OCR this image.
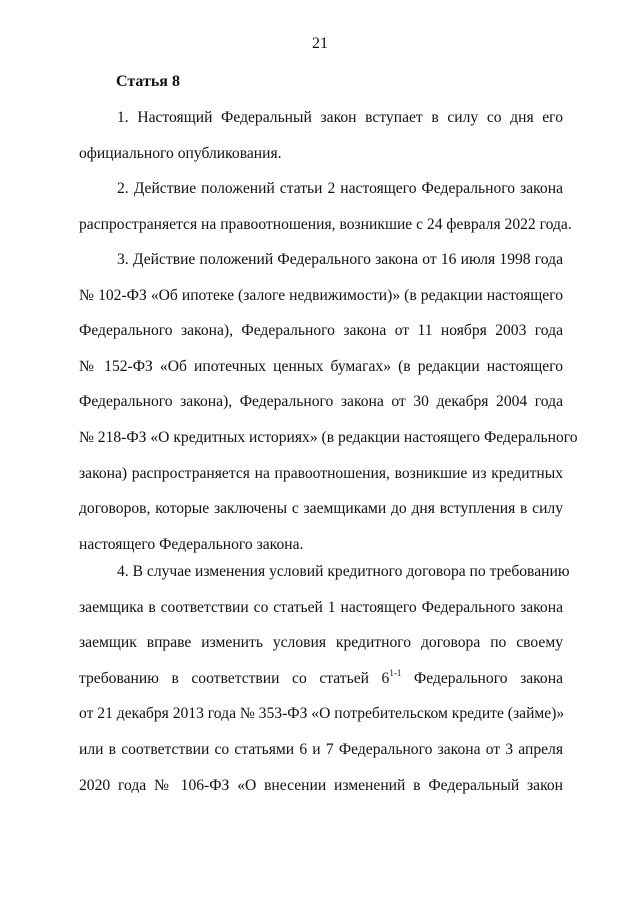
21
Статья 8
1. Настоящий Федеральный закон вступает в силу со дня его
официального опубликования.
2. Действие положений статьи 2 настоящего Федерального закона
распространяется на правоотношения, возникшие с 24 февраля 2022 года.
3. Действие положений Федерального закона от 16 июля 1998 года
№ 102-ФЗ «Об ипотеке (залоге недвижимости)» (в редакции настоящего
Федерального закона), Федерального закона от 11 ноября 2003 года
№ 152-ФЗ «Об ипотечных ценных бумагах» (в редакции настоящего
Федерального закона), Федерального закона от 30 декабря 2004 года
№ 218-ФЗ «О кредитных историях» (в редакции настоящего Федерального
закона) распространяется на правоотношения, возникшие из кредитных
договоров, которые заключены с заемщиками до дня вступления в силу
настоящего Федерального закона.
4. В случае изменения условий кредитного договора по требованию
заемщика в соответствии со статьей 1 настоящего Федерального закона
заемщик вправе изменить условия кредитного договора по своему
требованию в соответствии со статьей 6$^{1-1}$ Федерального закона
от 21 декабря 2013 года № 353-ФЗ «О потребительском кредите (займе)»
или в соответствии со статьями 6 и 7 Федерального закона от 3 апреля
2020 года № 106-ФЗ «О внесении изменений в Федеральный закон
